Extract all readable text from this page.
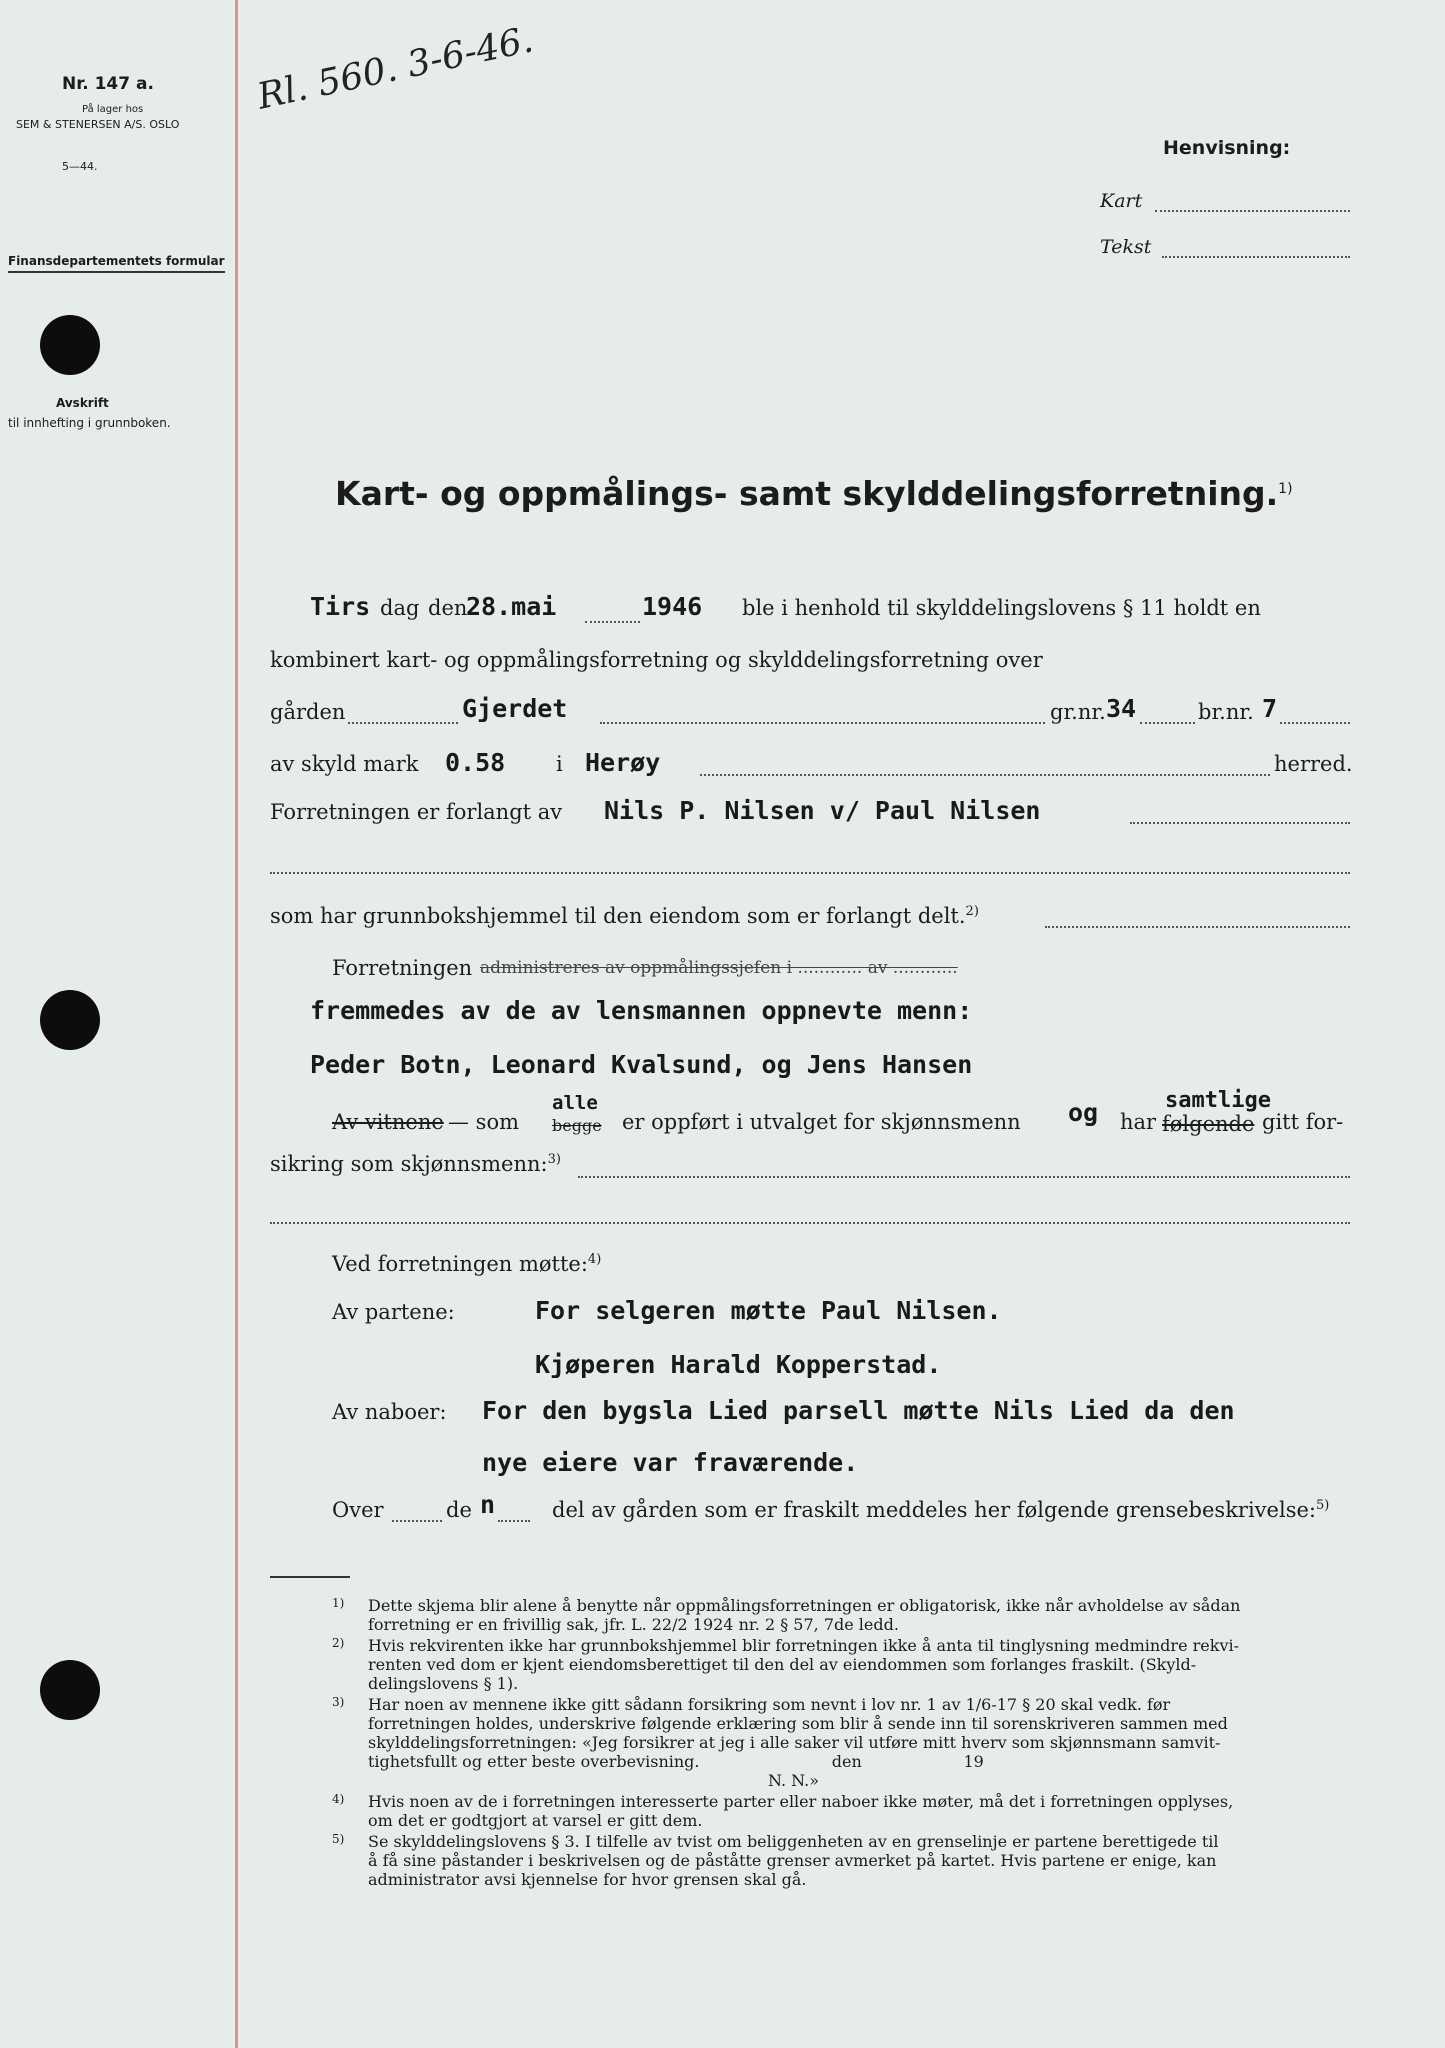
Nr. 147 a.
På lager hos
SEM & STENERSEN A/S. OSLO
5—44.
Finansdepartementets formular
Avskrift
til innhefting i grunnboken.
Rl. 560. 3-6-46.
Henvisning:
Kart
Tekst
Kart- og oppmålings- samt skylddelingsforretning.$^{1)}$
Tirs dag den
28.mai	1946 ble i henhold til skylddelingslovens § 11 holdt en
kombinert kart- og oppmålingsforretning og skylddelingsforretning over
gården	Gjerdet	gr.nr. 34	br.nr. 7
av skyld mark 0.58 i Herøy	herred.
Forretningen er forlangt av Nils P. Nilsen v/ Paul Nilsen
som har grunnbokshjemmel til den eiendom som er forlangt delt.$^{2)}$
Forretningen administreres av oppmålingssjefen i ............ av ............
fremmedes av de av lensmannen oppnevte menn:
Peder Botn, Leonard Kvalsund, og Jens Hansen
Av vitnene — som
alle
begge er oppført i utvalget for skjønnsmenn og har
samtlige
følgende gitt for-
sikring som skjønnsmenn:$^{3)}$
Ved forretningen møtte:$^{4)}$
Av partene:	For selgeren møtte Paul Nilsen.
Kjøperen Harald Kopperstad.
Av naboer: For den bygsla Lied parsell møtte Nils Lied da den
nye eiere var fraværende.
Over	de n	del av gården som er fraskilt meddeles her følgende grensebeskrivelse:$^{5)}$
1)	Dette skjema blir alene å benytte når oppmålingsforretningen er obligatorisk, ikke når avholdelse av sådan
forretning er en frivillig sak, jfr. L. 22/2 1924 nr. 2 § 57, 7de ledd.
2)	Hvis rekvirenten ikke har grunnbokshjemmel blir forretningen ikke å anta til tinglysning medmindre rekvi-
renten ved dom er kjent eiendomsberettiget til den del av eiendommen som forlanges fraskilt. (Skyld-
delingslovens § 1).
3)	Har noen av mennene ikke gitt sådann forsikring som nevnt i lov nr. 1 av 1/6-17 § 20 skal vedk. før
forretningen holdes, underskrive følgende erklæring som blir å sende inn til sorenskriveren sammen med
skylddelingsforretningen: «Jeg forsikrer at jeg i alle saker vil utføre mitt hverv som skjønnsmann samvit-
tighetsfullt og etter beste overbevisning.                          den                    19
N. N.»
4)	Hvis noen av de i forretningen interesserte parter eller naboer ikke møter, må det i forretningen opplyses,
om det er godtgjort at varsel er gitt dem.
5)	Se skylddelingslovens § 3. I tilfelle av tvist om beliggenheten av en grenselinje er partene berettigede til
å få sine påstander i beskrivelsen og de påståtte grenser avmerket på kartet. Hvis partene er enige, kan
administrator avsi kjennelse for hvor grensen skal gå.
